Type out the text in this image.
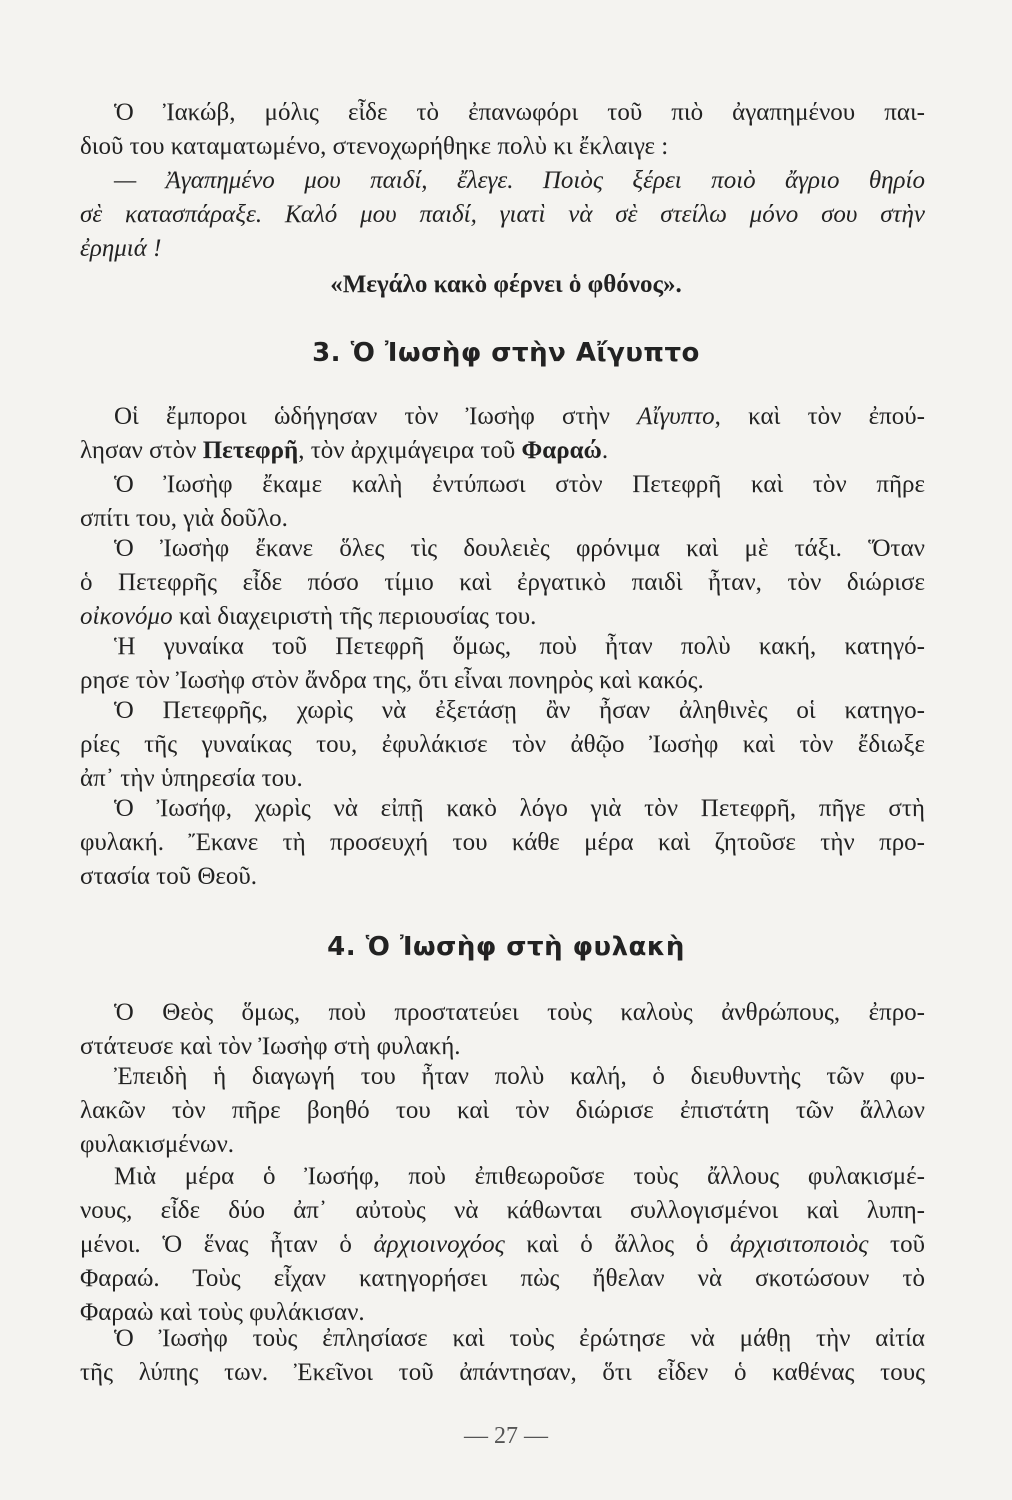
Ὁ Ἰακώβ, μόλις εἶδε τὸ ἐπανωφόρι τοῦ πιὸ ἀγαπημένου παι-
διοῦ του καταματωμένο, στενοχωρήθηκε πολὺ κι ἔκλαιγε :

— Ἀγαπημένο μου παιδί, ἔλεγε. Ποιὸς ξέρει ποιὸ ἄγριο θηρίο
σὲ κατασπάραξε. Καλό μου παιδί, γιατὶ νὰ σὲ στείλω μόνο σου στὴν
ἐρημιά !

«Μεγάλο κακὸ φέρνει ὁ φθόνος».
3. Ὁ Ἰωσὴφ στὴν Αἴγυπτο

Οἱ ἔμποροι ὡδήγησαν τὸν Ἰωσὴφ στὴν Αἴγυπτο, καὶ τὸν ἐπού-
λησαν στὸν Πετεφρῆ, τὸν ἀρχιμάγειρα τοῦ Φαραώ.

Ὁ Ἰωσὴφ ἔκαμε καλὴ ἐντύπωσι στὸν Πετεφρῆ καὶ τὸν πῆρε
σπίτι του, γιὰ δοῦλο.

Ὁ Ἰωσὴφ ἔκανε ὅλες τὶς δουλειὲς φρόνιμα καὶ μὲ τάξι. Ὅταν
ὁ Πετεφρῆς εἶδε πόσο τίμιο καὶ ἐργατικὸ παιδὶ ἦταν, τὸν διώρισε
οἰκονόμο καὶ διαχειριστὴ τῆς περιουσίας του.

Ἡ γυναίκα τοῦ Πετεφρῆ ὅμως, ποὺ ἦταν πολὺ κακή, κατηγό-
ρησε τὸν Ἰωσὴφ στὸν ἄνδρα της, ὅτι εἶναι πονηρὸς καὶ κακός.

Ὁ Πετεφρῆς, χωρὶς νὰ ἐξετάσῃ ἂν ἦσαν ἀληθινὲς οἱ κατηγο-
ρίες τῆς γυναίκας του, ἐφυλάκισε τὸν ἀθῷο Ἰωσὴφ καὶ τὸν ἔδιωξε
ἀπ᾽ τὴν ὑπηρεσία του.

Ὁ Ἰωσήφ, χωρὶς νὰ εἰπῇ κακὸ λόγο γιὰ τὸν Πετεφρῆ, πῆγε στὴ
φυλακή. Ἔκανε τὴ προσευχή του κάθε μέρα καὶ ζητοῦσε τὴν προ-
στασία τοῦ Θεοῦ.

4. Ὁ Ἰωσὴφ στὴ φυλακὴ

Ὁ Θεὸς ὅμως, ποὺ προστατεύει τοὺς καλοὺς ἀνθρώπους, ἐπρο-
στάτευσε καὶ τὸν Ἰωσὴφ στὴ φυλακή.

Ἐπειδὴ ἡ διαγωγή του ἦταν πολὺ καλή, ὁ διευθυντὴς τῶν φυ-
λακῶν τὸν πῆρε βοηθό του καὶ τὸν διώρισε ἐπιστάτη τῶν ἄλλων
φυλακισμένων.

Μιὰ μέρα ὁ Ἰωσήφ, ποὺ ἐπιθεωροῦσε τοὺς ἄλλους φυλακισμέ-
νους, εἶδε δύο ἀπ᾽ αὐτοὺς νὰ κάθωνται συλλογισμένοι καὶ λυπη-
μένοι. Ὁ ἕνας ἦταν ὁ ἀρχιοινοχόος καὶ ὁ ἄλλος ὁ ἀρχισιτοποιὸς τοῦ
Φαραώ. Τοὺς εἶχαν κατηγορήσει πὼς ἤθελαν νὰ σκοτώσουν τὸ
Φαραὼ καὶ τοὺς φυλάκισαν.

Ὁ Ἰωσὴφ τοὺς ἐπλησίασε καὶ τοὺς ἐρώτησε νὰ μάθῃ τὴν αἰτία
τῆς λύπης των. Ἐκεῖνοι τοῦ ἀπάντησαν, ὅτι εἶδεν ὁ καθένας τους

— 27 —
